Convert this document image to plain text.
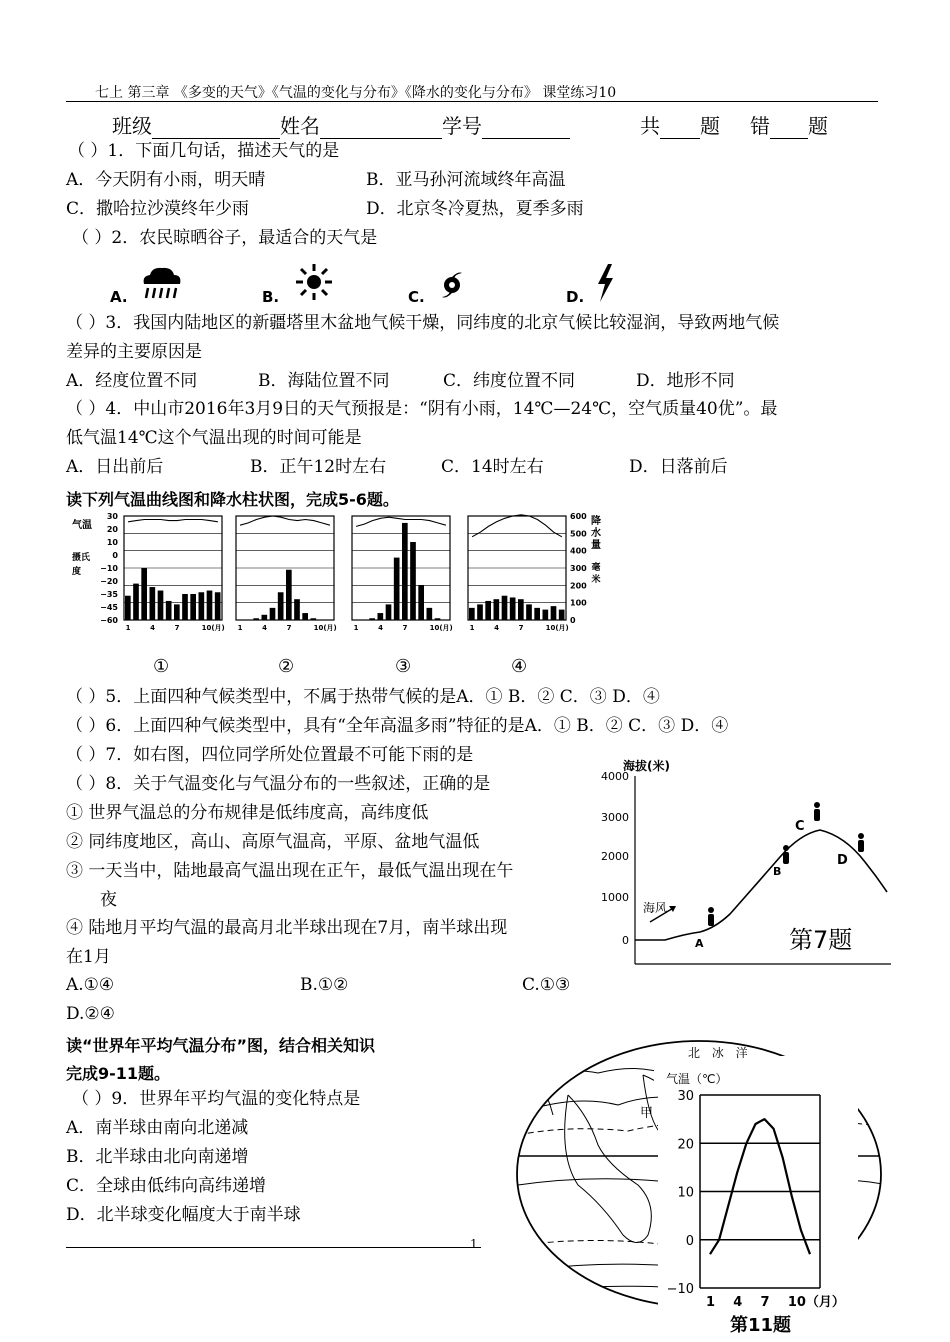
七上 第三章 《多变的天气》《气温的变化与分布》《降水的变化与分布》 课堂练习10
班级	姓名	学号	共 题 错 题
（ ）1．下面几句话，描述天气的是
A．今天阴有小雨，明天晴	B．亚马孙河流域终年高温
C．撒哈拉沙漠终年少雨	D．北京冬冷夏热，夏季多雨
（ ）2．农民晾晒谷子，最适合的天气是
A.	B.	C.	D.
（ ）3．我国内陆地区的新疆塔里木盆地气候干燥，同纬度的北京气候比较湿润，导致两地气候
差异的主要原因是
A．经度位置不同	B．海陆位置不同	C．纬度位置不同	D．地形不同
（ ）4．中山市2016年3月9日的天气预报是：“阴有小雨，14℃—24℃，空气质量40优”。最
低气温14℃这个气温出现的时间可能是
A．日出前后	B．正午12时左右	C．14时左右	D．日落前后
读下列气温曲线图和降水柱状图，完成5-6题。
气温
摄氏
度
30
20
10
0
−10
−20
−35
−45
−60
降
水
量
毫
米
600
500
400
300
200
100
0
1	4	7	10(月) 1	4	7	10(月) 1	4	7	10(月) 1	4	7	10(月)
①	②	③	④
（ ）5．上面四种气候类型中，不属于热带气候的是A．① B．② C．③ D．④
（ ）6．上面四种气候类型中，具有“全年高温多雨”特征的是A．① B．② C．③ D．④
（ ）7．如右图，四位同学所处位置最不可能下雨的是
（ ）8．关于气温变化与气温分布的一些叙述，正确的是
① 世界气温总的分布规律是低纬度高，高纬度低
② 同纬度地区，高山、高原气温高，平原、盆地气温低
③ 一天当中，陆地最高气温出现在正午，最低气温出现在午
夜
④ 陆地月平均气温的最高月北半球出现在7月，南半球出现
在1月
A.①④	B.①②	C.①③
D.②④
海拔(米)
4000
3000
2000
1000
0
海风
A
B
C
D
第7题
读“世界年平均气温分布”图，结合相关知识
完成9-11题。
（ ）9．世界年平均气温的变化特点是
A．南半球由南向北递减
B．北半球由北向南递增
C．全球由低纬向高纬递增
D．北半球变化幅度大于南半球
1
北 冰 洋
甲
气温（℃）
30
20
10
0
−10
1 4 7 10（月）
第11题
